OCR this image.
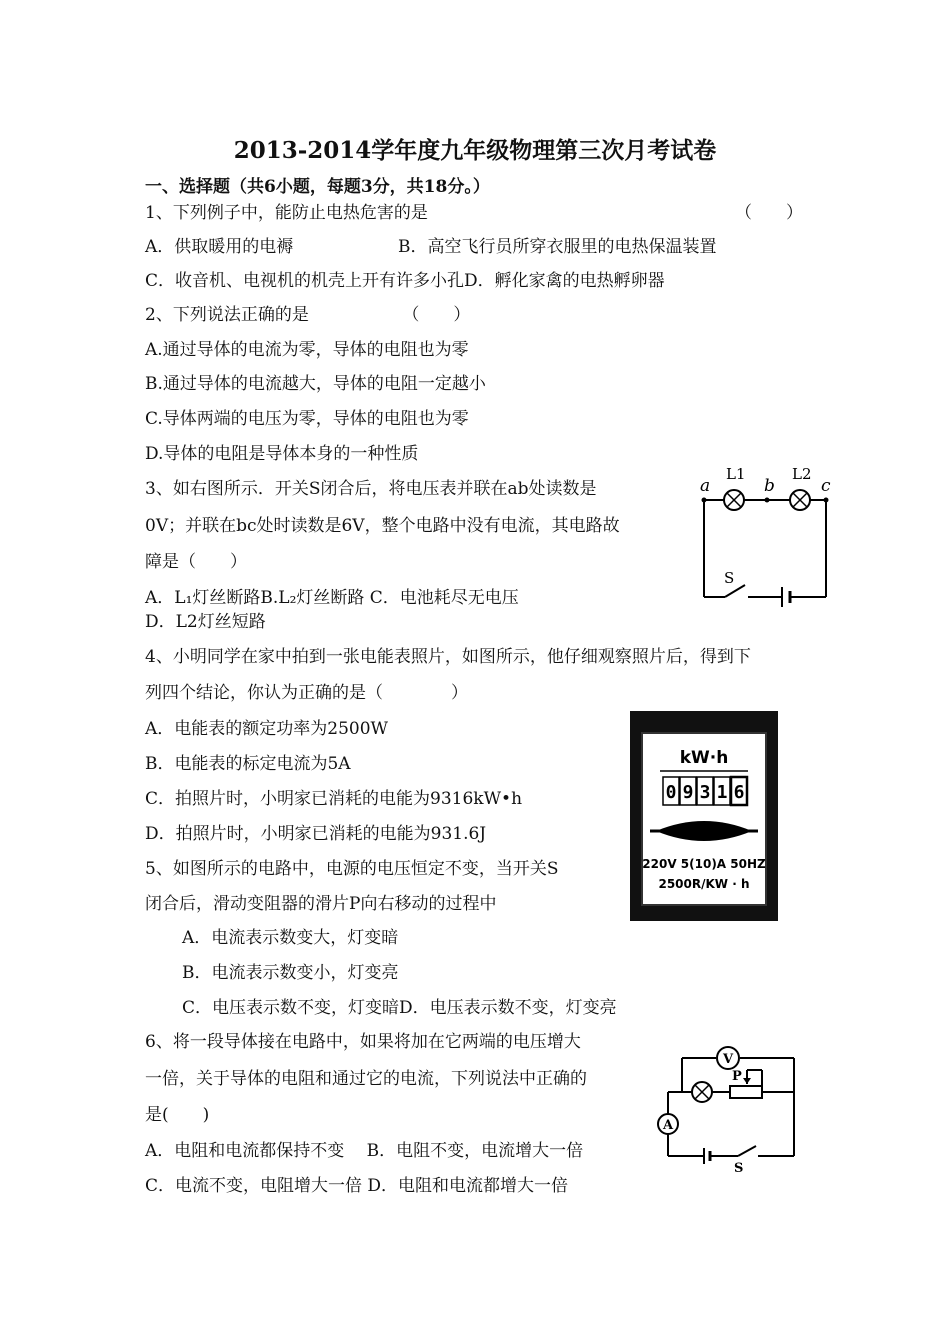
2013-2014学年度九年级物理第三次月考试卷
一、选择题（共6小题，每题3分，共18分。）
1、下列例子中，能防止电热危害的是	（　　）
A．供取暖用的电褥	B．高空飞行员所穿衣服里的电热保温装置
C．收音机、电视机的机壳上开有许多小孔D．孵化家禽的电热孵卵器
2、下列说法正确的是　　　　　　（　　）
A.通过导体的电流为零，导体的电阻也为零
B.通过导体的电流越大，导体的电阻一定越小
C.导体两端的电压为零，导体的电阻也为零
D.导体的电阻是导体本身的一种性质
3、如右图所示．开关S闭合后，将电压表并联在ab处读数是
0V；并联在bc处时读数是6V，整个电路中没有电流，其电路故
障是（　　）
A．L₁灯丝断路B.L₂灯丝断路 C．电池耗尽无电压
D．L2灯丝短路
a	b	c
L1	L2
S
4、小明同学在家中拍到一张电能表照片，如图所示，他仔细观察照片后，得到下
列四个结论，你认为正确的是（　　　　）
A．电能表的额定功率为2500W
B．电能表的标定电流为5A
C．拍照片时，小明家已消耗的电能为9316kW•h
D．拍照片时，小明家已消耗的电能为931.6J
kW·h
0 9 3 1 6
220V 5(10)A 50HZ
2500R/KW · h
5、如图所示的电路中，电源的电压恒定不变，当开关S
闭合后，滑动变阻器的滑片P向右移动的过程中
A．电流表示数变大，灯变暗
B．电流表示数变小，灯变亮
C．电压表示数不变，灯变暗D．电压表示数不变，灯变亮
6、将一段导体接在电路中，如果将加在它两端的电压增大
一倍，关于导体的电阻和通过它的电流，下列说法中正确的
是(　　)
A．电阻和电流都保持不变　 B．电阻不变，电流增大一倍
C．电流不变，电阻增大一倍 D．电阻和电流都增大一倍
V
A
P
S
